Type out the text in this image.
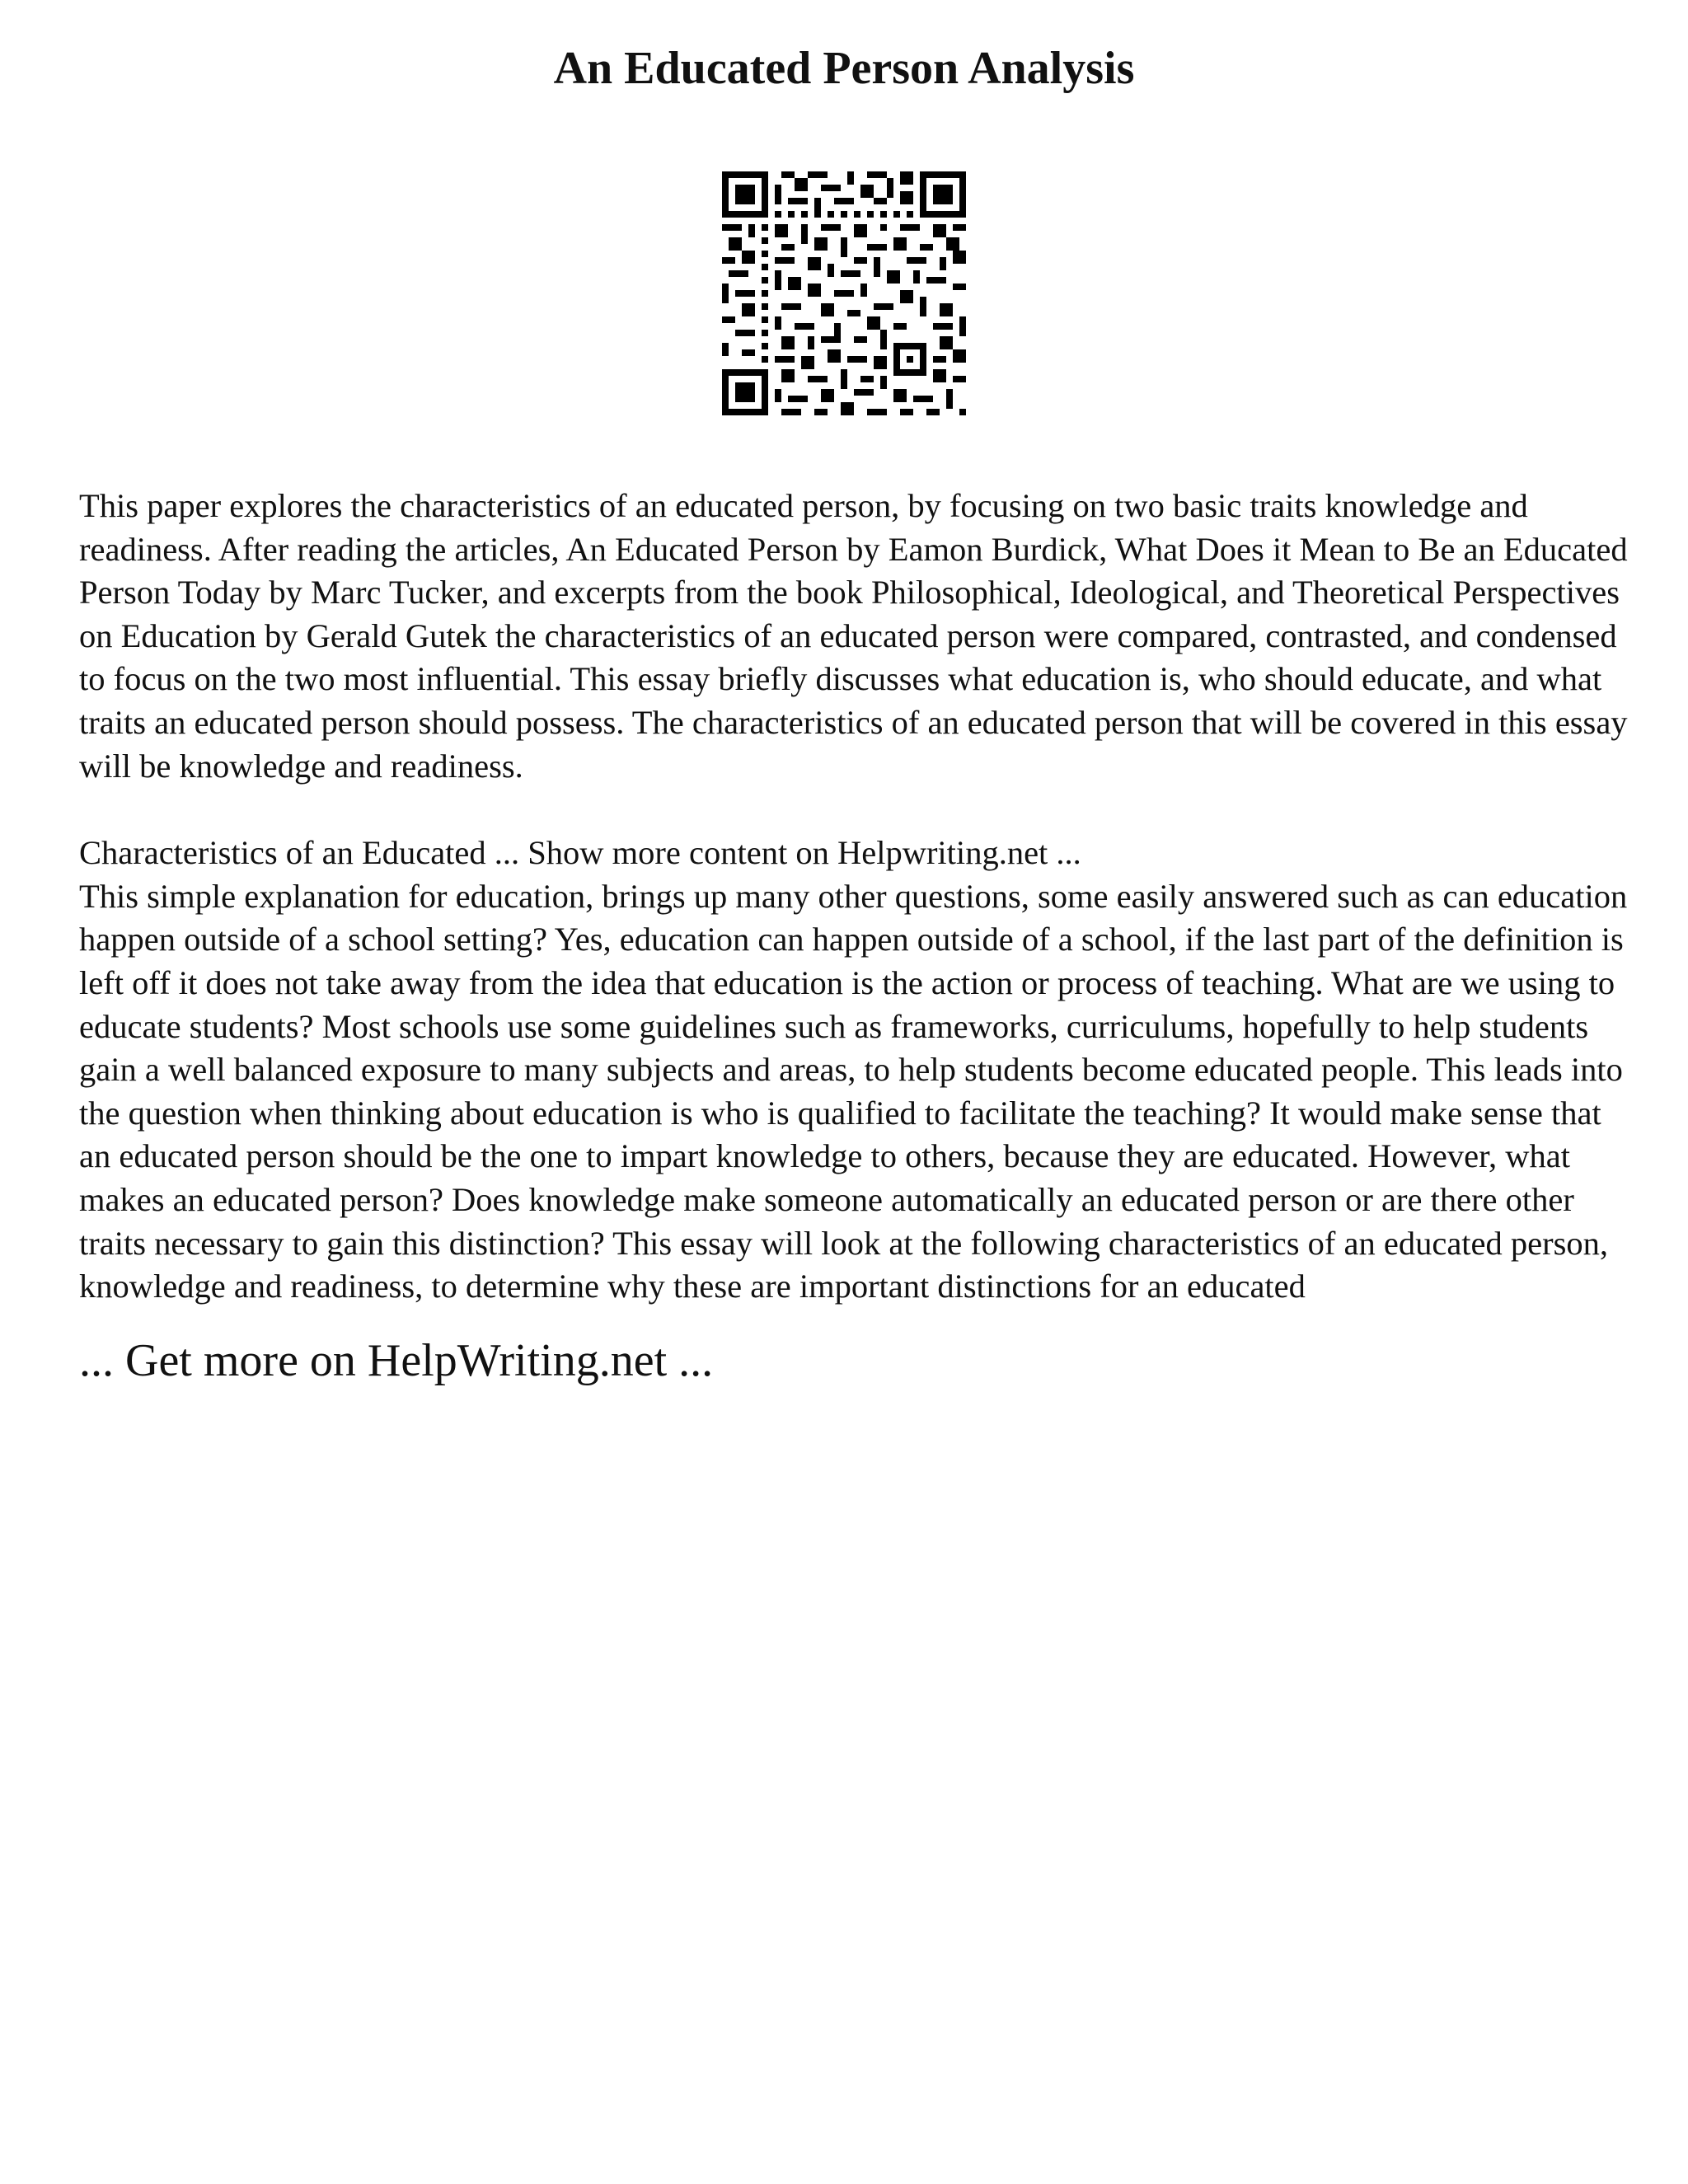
An Educated Person Analysis

This paper explores the characteristics of an educated person, by focusing on two basic traits knowledge and readiness. After reading the articles, An Educated Person by Eamon Burdick, What Does it Mean to Be an Educated Person Today by Marc Tucker, and excerpts from the book Philosophical, Ideological, and Theoretical Perspectives on Education by Gerald Gutek the characteristics of an educated person were compared, contrasted, and condensed to focus on the two most influential. This essay briefly discusses what education is, who should educate, and what traits an educated person should possess. The characteristics of an educated person that will be covered in this essay will be knowledge and readiness.

Characteristics of an Educated ... Show more content on Helpwriting.net ...

This simple explanation for education, brings up many other questions, some easily answered such as can education happen outside of a school setting? Yes, education can happen outside of a school, if the last part of the definition is left off it does not take away from the idea that education is the action or process of teaching. What are we using to educate students? Most schools use some guidelines such as frameworks, curriculums, hopefully to help students gain a well balanced exposure to many subjects and areas, to help students become educated people. This leads into the question when thinking about education is who is qualified to facilitate the teaching? It would make sense that an educated person should be the one to impart knowledge to others, because they are educated. However, what makes an educated person? Does knowledge make someone automatically an educated person or are there other traits necessary to gain this distinction? This essay will look at the following characteristics of an educated person, knowledge and readiness, to determine why these are important distinctions for an educated

... Get more on HelpWriting.net ...
